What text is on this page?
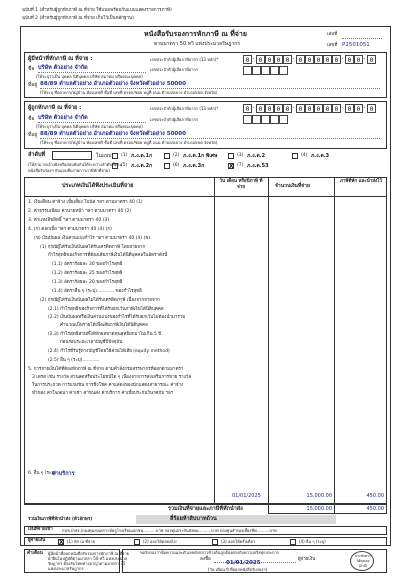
ฉบับที่ 1 (สำหรับผู้ถูกหักภาษี ณ ที่จ่าย ใช้แนบพร้อมกับแบบแสดงรายการภาษี)
ฉบับที่ 2 (สำหรับผู้ถูกหักภาษี ณ ที่จ่าย เก็บไว้เป็นหลักฐาน)
หนังสือรับรองการหักภาษี ณ ที่จ่าย
ตามมาตรา 50 ทวิ แห่งประมวลรัษฎากร
เล่มที่
เลขที่ P2501051
ผู้มีหน้าที่หักภาษี ณ ที่จ่าย :	เลขประจำตัวผู้เสียภาษีอากร (13 หลัก)*	0 - 0 0 0 0 - 0 0 0 0 0 - 0 0 - 0
ชื่อ บริษัท ตัวอย่าง จำกัด	เลขประจำตัวผู้เสียภาษีอากร
(ให้ระบุว่าเป็น บุคคล นิติบุคคล บริษัท สมาคม หรือคณะบุคคล)
ที่อยู่ 88/89 ตำบลตัวอย่าง อำเภอตัวอย่าง จังหวัดตัวอย่าง 50000
(ให้ระบุ ชื่ออาคาร/หมู่บ้าน ห้องเลขที่ ชั้นที่ เลขที่ ตรอก/ซอย หมู่ที่ ถนน ตำบล/แขวง อำเภอ/เขต จังหวัด)
ผู้ถูกหักภาษี ณ ที่จ่าย :	เลขประจำตัวผู้เสียภาษีอากร (13 หลัก)*	0 - 0 0 0 0 - 0 0 0 0 0 - 0 0 - 0
ชื่อ บริษัท ตัวอย่าง จำกัด	เลขประจำตัวผู้เสียภาษีอากร
(ให้ระบุว่าเป็น บุคคล นิติบุคคล บริษัท สมาคม หรือคณะบุคคล)
ที่อยู่ 88/89 ตำบลตัวอย่าง อำเภอตัวอย่าง จังหวัดตัวอย่าง 50000
(ให้ระบุ ชื่ออาคาร/หมู่บ้าน ห้องเลขที่ ชั้นที่ เลขที่ ตรอก/ซอย หมู่ที่ ถนน ตำบล/แขวง อำเภอ/เขต จังหวัด)
ลำดับที่	ในแบบ
(ให้สามารถอ้างอิงหรือสอบยันกันได้ระหว่างลำดับที่ตาม
หนังสือรับรองฯ กับแบบยื่นรายการภาษีหักที่จ่าย)
(1) ภ.ง.ด.1ก	(2) ภ.ง.ด.1ก พิเศษ	(3) ภ.ง.ด.2	(4) ภ.ง.ด.3
(5) ภ.ง.ด.2ก	(6) ภ.ง.ด.3ก	X (7) ภ.ง.ด.53
ประเภทเงินได้พึงประเมินที่จ่าย
วัน เดือน หรือปีภาษี ที่จ่าย	จำนวนเงินที่จ่าย
ภาษีที่หัก และนำส่งไว้
1. เงินเดือน ค่าจ้าง เบี้ยเลี้ยง โบนัส ฯลฯ ตามมาตรา 40 (1)
2. ค่าธรรมเนียม ค่านายหน้า ฯลฯ ตามมาตรา 40 (2)
3. ค่าแห่งลิขสิทธิ์ ฯลฯ ตามมาตรา 40 (3)
4. (ก) ดอกเบี้ย ฯลฯ ตามมาตรา 40 (4) (ก)
(ข) เงินปันผล เงินส่วนแบ่งกำไร ฯลฯ ตามมาตรา 40 (4) (ข)
(1) กรณีผู้ได้รับเงินปันผลได้รับเครดิตภาษี โดยจ่ายจาก
กำไรสุทธิของกิจการที่ต้องเสียภาษีเงินได้นิติบุคคลในอัตราดังนี้
(1.1) อัตราร้อยละ 30 ของกำไรสุทธิ
(1.2) อัตราร้อยละ 25 ของกำไรสุทธิ
(1.3) อัตราร้อยละ 20 ของกำไรสุทธิ
(1.4) อัตราอื่น ๆ (ระบุ)............ ของกำไรสุทธิ
(2) กรณีผู้ได้รับเงินปันผลไม่ได้รับเครดิตภาษี เนื่องจากจ่ายจาก
(2.1) กำไรสุทธิของกิจการที่ได้รับยกเว้นภาษีเงินได้นิติบุคคล
(2.2) เงินปันผลหรือเงินส่วนแบ่งของกำไรที่ได้รับยกเว้นไม่ต้องนำมารวม
คำนวณเป็นรายได้เพื่อเสียภาษีเงินได้นิติบุคคล
(2.3) กำไรสุทธิส่วนที่ได้หักผลขาดทุนสุทธิยกมาไม่เกิน 5 ปี
ก่อนรอบระยะเวลาบัญชีปีปัจจุบัน
(2.4) กำไรที่รับรู้ทางบัญชีโดยวิธีส่วนได้เสีย (equity method)
(2.5) อื่น ๆ (ระบุ)............
5. การจ่ายเงินได้ที่ต้องหักภาษี ณ ที่จ่าย ตามคำสั่งกรมสรรพากรที่ออกตามมาตรา
3 เตรส เช่น รางวัล ส่วนลดหรือประโยชน์ใด ๆ เนื่องจากการส่งเสริมการขาย รางวัล
ในการประกวด การแข่งขัน การชิงโชค ค่าแสดงของนักแสดงสาธารณะ ค่าจ้าง
ทำของ ค่าโฆษณา ค่าเช่า ค่าขนส่ง ค่าบริการ ค่าเบี้ยประกันวินาศภัย ฯลฯ
6. อื่น ๆ (ระบุ)
ค่าบริการ
01/01/2025	15,000.00	450.00
รวมเงินที่จ่ายและภาษีที่หักนำส่ง	15,000.00	450.00
รวมเงินภาษีที่หักนำส่ง (ตัวอักษร)	สี่ร้อยห้าสิบบาทถ้วน
เงินที่จ่ายเข้า กบข./กสจ./กองทุนสงเคราะห์ครูโรงเรียนเอกชน..........บาท กองทุนประกันสังคม..........บาท กองทุนสำรองเลี้ยงชีพ..........บาท
ผู้จ่ายเงิน X (1) หัก ณ ที่จ่าย	(2) ออกให้ตลอดไป	(3) ออกให้ครั้งเดียว	(4) อื่น ๆ (ระบุ)
คำเตือน ผู้มีหน้าที่ออกหนังสือรับรองการหักภาษี ณ ที่จ่าย
ฝ่าฝืนไม่ปฏิบัติตามมาตรา 50 ทวิ แห่งประมวล
รัษฎากร ต้องรับโทษทางอาญาตามมาตรา 35
แห่งประมวลรัษฎากร
ขอรับรองว่าข้อความและตัวเลขดังกล่าวข้างต้นถูกต้องตรงกับความจริงทุกประการ
ลงชื่อ	ผู้จ่ายเงิน
01/01/2025
(วัน เดือน ปี ที่ออกหนังสือรับรองฯ)
ประทับตรา
นิติบุคคล
(ถ้ามี)
